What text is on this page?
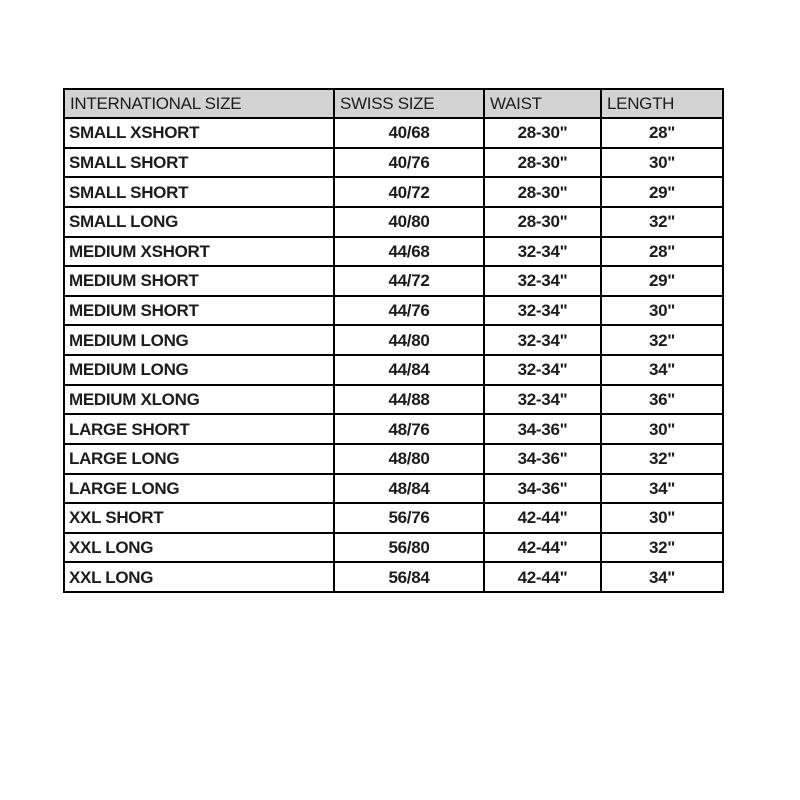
INTERNATIONAL SIZE	SWISS SIZE	WAIST	LENGTH
SMALL XSHORT	40/68	28-30"	28"
SMALL SHORT	40/76	28-30"	30"
SMALL SHORT	40/72	28-30"	29"
SMALL LONG	40/80	28-30"	32"
MEDIUM XSHORT	44/68	32-34"	28"
MEDIUM SHORT	44/72	32-34"	29"
MEDIUM SHORT	44/76	32-34"	30"
MEDIUM LONG	44/80	32-34"	32"
MEDIUM LONG	44/84	32-34"	34"
MEDIUM XLONG	44/88	32-34"	36"
LARGE SHORT	48/76	34-36"	30"
LARGE LONG	48/80	34-36"	32"
LARGE LONG	48/84	34-36"	34"
XXL SHORT	56/76	42-44"	30"
XXL LONG	56/80	42-44"	32"
XXL LONG	56/84	42-44"	34"
